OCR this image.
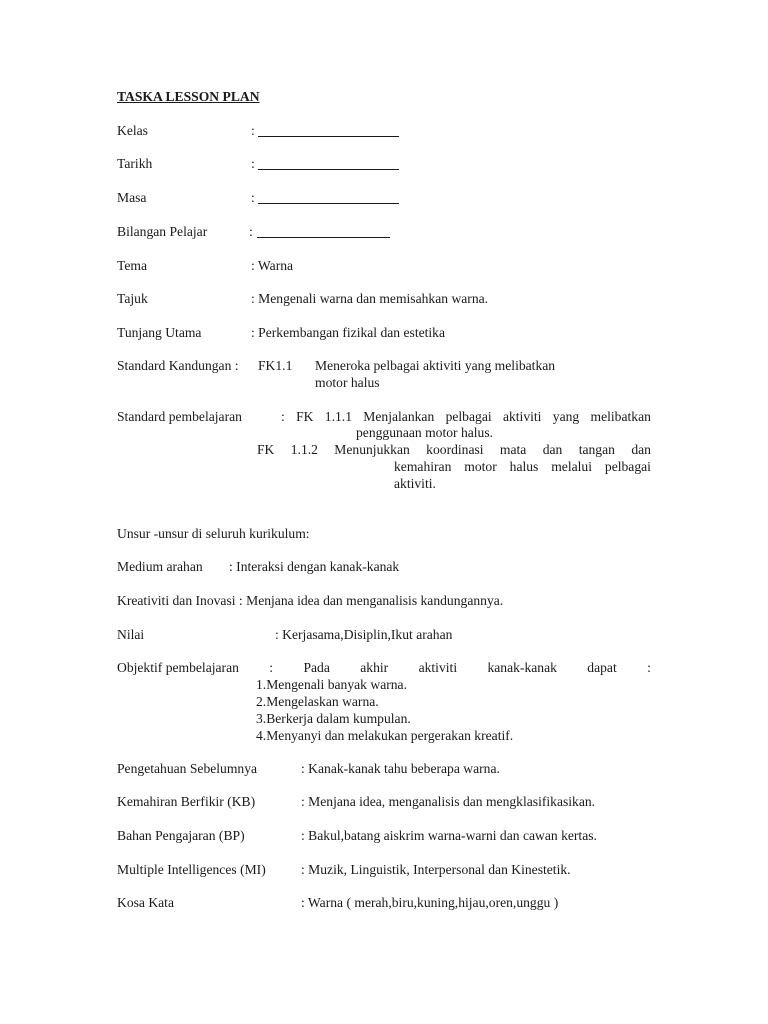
TASKA LESSON PLAN
Kelas	:
Tarikh	:
Masa	:
Bilangan Pelajar	:
Tema	: Warna
Tajuk	: Mengenali warna dan memisahkan warna.
Tunjang Utama	: Perkembangan fizikal dan estetika
Standard Kandungan : FK1.1 Meneroka pelbagai aktiviti yang melibatkan
motor halus
Standard pembelajaran	: FK 1.1.1 Menjalankan pelbagai aktiviti yang melibatkan
penggunaan motor halus.
FK 1.1.2 Menunjukkan koordinasi mata dan tangan dan
kemahiran motor halus melalui pelbagai
aktiviti.
Unsur -unsur di seluruh kurikulum:
Medium arahan : Interaksi dengan kanak-kanak
Kreativiti dan Inovasi : Menjana idea dan menganalisis kandungannya.
Nilai	: Kerjasama,Disiplin,Ikut arahan
Objektif pembelajaran : Pada akhir aktiviti kanak-kanak dapat :
1.Mengenali banyak warna.
2.Mengelaskan warna.
3.Berkerja dalam kumpulan.
4.Menyanyi dan melakukan pergerakan kreatif.
Pengetahuan Sebelumnya	: Kanak-kanak tahu beberapa warna.
Kemahiran Berfikir (KB)	: Menjana idea, menganalisis dan mengklasifikasikan.
Bahan Pengajaran (BP)	: Bakul,batang aiskrim warna-warni dan cawan kertas.
Multiple Intelligences (MI)	: Muzik, Linguistik, Interpersonal dan Kinestetik.
Kosa Kata	: Warna ( merah,biru,kuning,hijau,oren,unggu )
